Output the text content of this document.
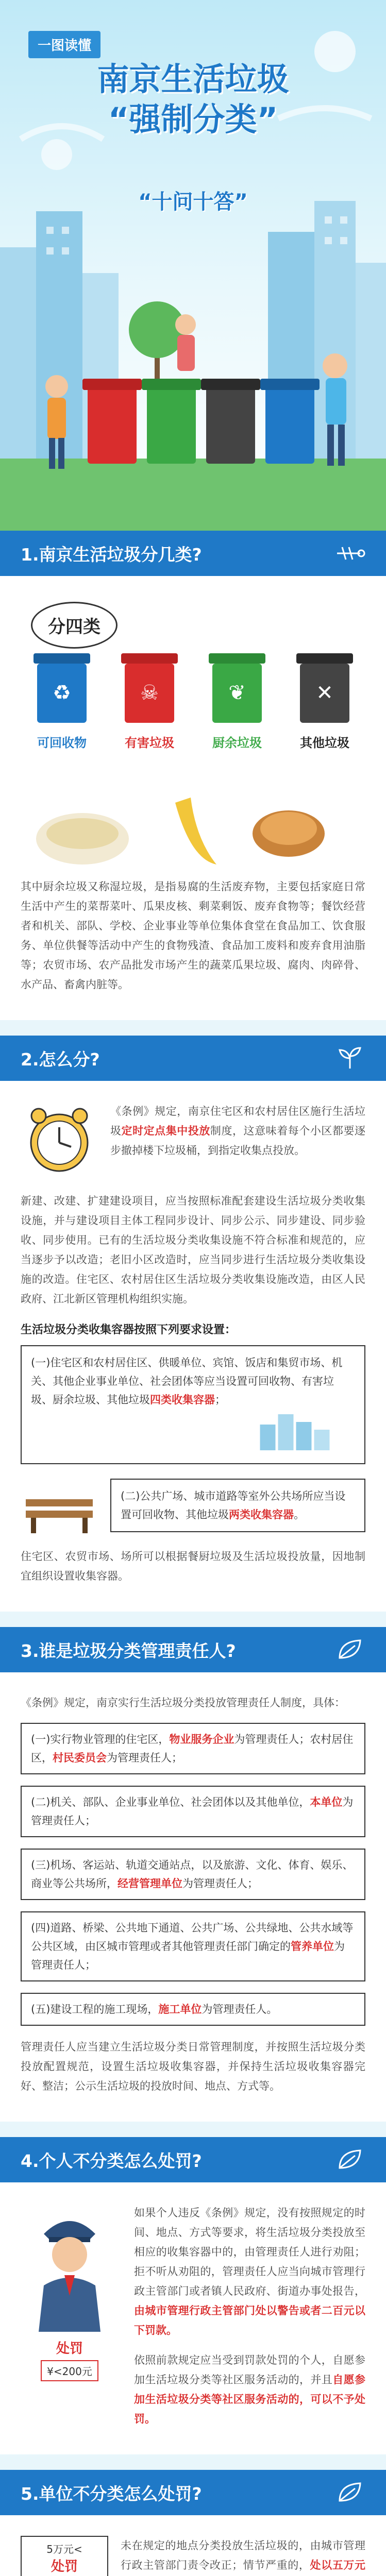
一图读懂
南京生活垃圾
“强制分类”
“十问十答”
1.南京生活垃圾分几类?
分四类
♻
可回收物
☠
有害垃圾
❦
厨余垃圾
✕
其他垃圾
其中厨余垃圾又称湿垃圾，是指易腐的生活废弃物，主要包括家庭日常生活中产生的菜帮菜叶、瓜果皮核、剩菜剩饭、废弃食物等；餐饮经营者和机关、部队、学校、企业事业等单位集体食堂在食品加工、饮食服务、单位供餐等活动中产生的食物残渣、食品加工废料和废弃食用油脂等；农贸市场、农产品批发市场产生的蔬菜瓜果垃圾、腐肉、肉碎骨、水产品、畜禽内脏等。
2.怎么分?
《条例》规定，南京住宅区和农村居住区施行生活垃圾定时定点集中投放制度，这意味着每个小区都要逐步撤掉楼下垃圾桶，到指定收集点投放。
新建、改建、扩建建设项目，应当按照标准配套建设生活垃圾分类收集设施，并与建设项目主体工程同步设计、同步公示、同步建设、同步验收、同步使用。已有的生活垃圾分类收集设施不符合标准和规范的，应当逐步予以改造；老旧小区改造时，应当同步进行生活垃圾分类收集设施的改造。住宅区、农村居住区生活垃圾分类收集设施改造，由区人民政府、江北新区管理机构组织实施。
生活垃圾分类收集容器按照下列要求设置：
(一)住宅区和农村居住区、供暖单位、宾馆、饭店和集贸市场、机关、其他企业事业单位、社会团体等应当设置可回收物、有害垃圾、厨余垃圾、其他垃圾四类收集容器；
(二)公共广场、城市道路等室外公共场所应当设置可回收物、其他垃圾两类收集容器。
住宅区、农贸市场、场所可以根据餐厨垃圾及生活垃圾投放量，因地制宜组织设置收集容器。
3.谁是垃圾分类管理责任人?
《条例》规定，南京实行生活垃圾分类投放管理责任人制度，具体：
(一)实行物业管理的住宅区，物业服务企业为管理责任人；农村居住区，村民委员会为管理责任人；
(二)机关、部队、企业事业单位、社会团体以及其他单位，本单位为管理责任人；
(三)机场、客运站、轨道交通站点，以及旅游、文化、体育、娱乐、商业等公共场所，经营管理单位为管理责任人；
(四)道路、桥梁、公共地下通道、公共广场、公共绿地、公共水域等公共区域，由区城市管理或者其他管理责任部门确定的管养单位为管理责任人；
(五)建设工程的施工现场，施工单位为管理责任人。
管理责任人应当建立生活垃圾分类日常管理制度，并按照生活垃圾分类投放配置规范，设置生活垃圾收集容器，并保持生活垃圾收集容器完好、整洁；公示生活垃圾的投放时间、地点、方式等。
4.个人不分类怎么处罚?
处罚
¥<200元
如果个人违反《条例》规定，没有按照规定的时间、地点、方式等要求，将生活垃圾分类投放至相应的收集容器中的，由管理责任人进行劝阻；拒不听从劝阻的，管理责任人应当向城市管理行政主管部门或者镇人民政府、街道办事处报告，由城市管理行政主管部门处以警告或者二百元以下罚款。
依照前款规定应当受到罚款处罚的个人，自愿参加生活垃圾分类等社区服务活动的，并且自愿参加生活垃圾分类等社区服务活动的，可以不予处罚。
5.单位不分类怎么处罚?
5万元<
处罚
未在规定的地点分类投放生活垃圾的，由城市管理行政主管部门责令改正；情节严重的，处以五万元
